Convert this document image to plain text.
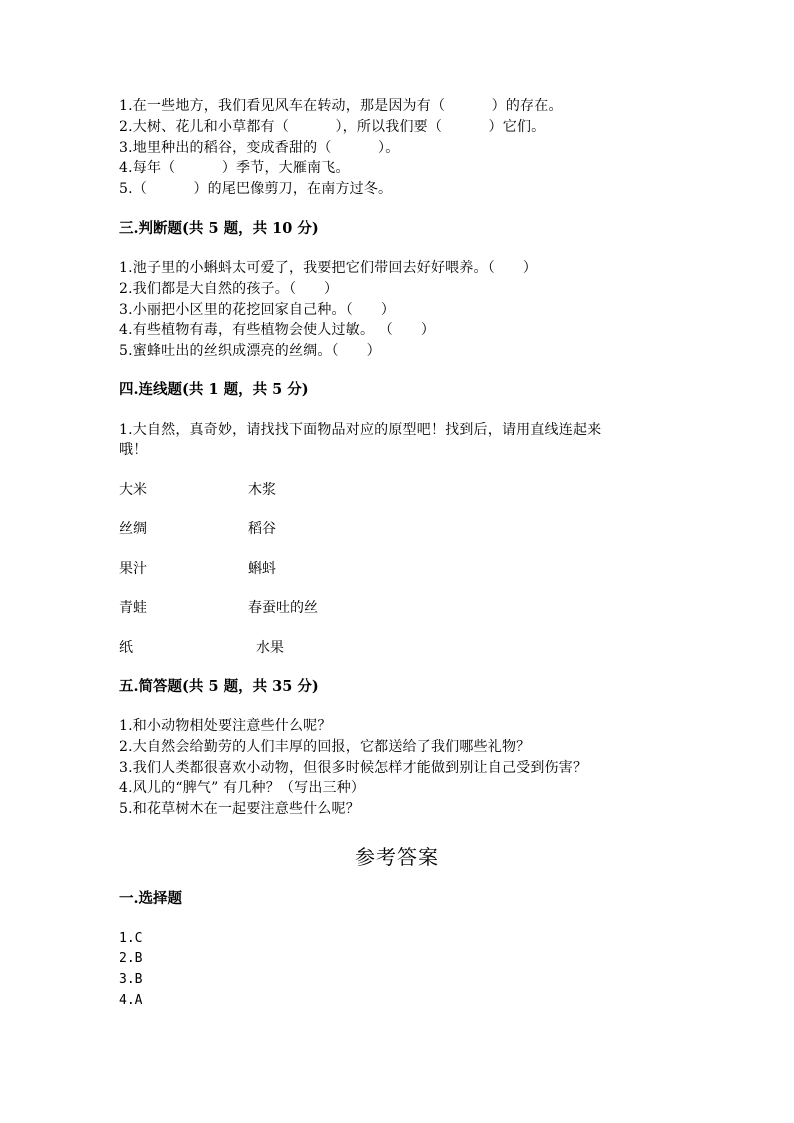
1.在一些地方，我们看见风车在转动，那是因为有（          ）的存在。
2.大树、花儿和小草都有（          ），所以我们要（          ）它们。
3.地里种出的稻谷，变成香甜的（          ）。
4.每年（          ）季节，大雁南飞。
5.（          ）的尾巴像剪刀，在南方过冬。
三.判断题(共 5 题，共 10 分)
1.池子里的小蝌蚪太可爱了，我要把它们带回去好好喂养。（      ）
2.我们都是大自然的孩子。（      ）
3.小丽把小区里的花挖回家自己种。（      ）
4.有些植物有毒，有些植物会使人过敏。 （      ）
5.蜜蜂吐出的丝织成漂亮的丝绸。（      ）
四.连线题(共 1 题，共 5 分)
1.大自然，真奇妙，请找找下面物品对应的原型吧！找到后，请用直线连起来
哦！
大米	木浆
丝绸	稻谷
果汁	蝌蚪
青蛙	春蚕吐的丝
纸	水果
五.简答题(共 5 题，共 35 分)
1.和小动物相处要注意些什么呢？
2.大自然会给勤劳的人们丰厚的回报，它都送给了我们哪些礼物？
3.我们人类都很喜欢小动物，但很多时候怎样才能做到别让自己受到伤害？
4.风儿的“脾气” 有几种？（写出三种）
5.和花草树木在一起要注意些什么呢？
参考答案
一.选择题
1.C
2.B
3.B
4.A
